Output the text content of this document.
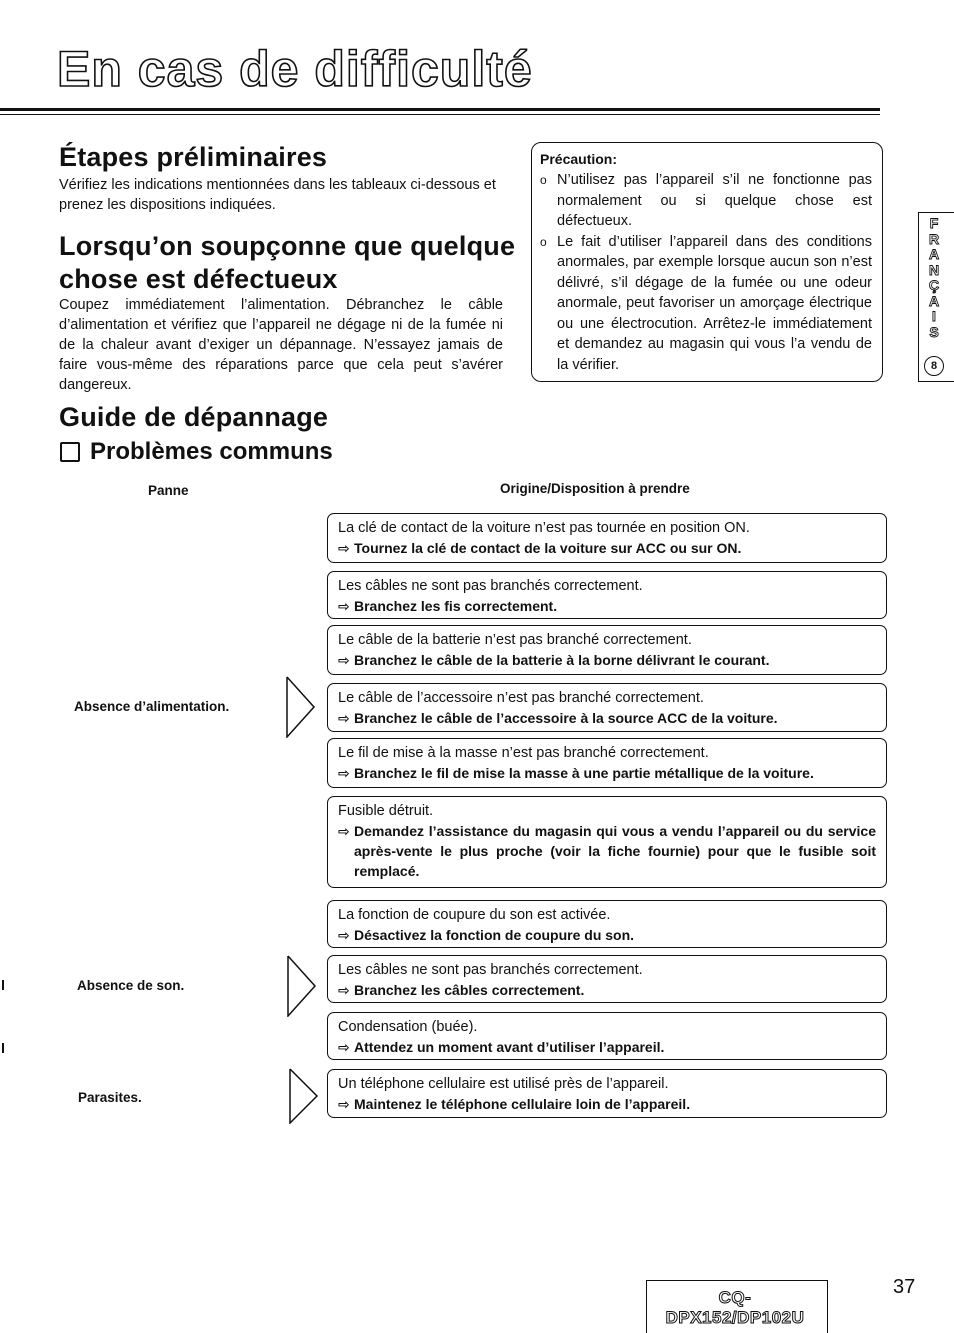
En cas de difficulté
Étapes préliminaires
Vérifiez les indications mentionnées dans les tableaux ci-dessous et prenez les dispositions indiquées.
Lorsqu’on soupçonne que quelque chose est défectueux
Coupez immédiatement l’alimentation. Débranchez le câble d’alimentation et vérifiez que l’appareil ne dégage ni de la fumée ni de la chaleur avant d’exiger un dépannage. N’essayez jamais de faire vous-même des réparations parce que cela peut s’avérer dangereux.
Précaution:
o N’utilisez pas l’appareil s’il ne fonctionne pas normalement ou si quelque chose est défectueux.
o Le fait d’utiliser l’appareil dans des conditions anormales, par exemple lorsque aucun son n’est délivré, s’il dégage de la fumée ou une odeur anormale, peut favoriser un amorçage électrique ou une électrocution. Arrêtez-le immédiatement et demandez au magasin qui vous l’a vendu de la vérifier.
F
R
A
N
Ç
A
I
S
8
Guide de dépannage
Problèmes communs
Panne	Origine/Disposition à prendre
Absence d’alimentation.
La clé de contact de la voiture n’est pas tournée en position ON.
⇨ Tournez la clé de contact de la voiture sur ACC ou sur ON.
Les câbles ne sont pas branchés correctement.
⇨ Branchez les fis correctement.
Le câble de la batterie n’est pas branché correctement.
⇨ Branchez le câble de la batterie à la borne délivrant le courant.
Le câble de l’accessoire n’est pas branché correctement.
⇨ Branchez le câble de l’accessoire à la source ACC de la voiture.
Le fil de mise à la masse n’est pas branché correctement.
⇨ Branchez le fil de mise la masse à une partie métallique de la voiture.
Fusible détruit.
⇨ Demandez l’assistance du magasin qui vous a vendu l’appareil ou du service après-vente le plus proche (voir la fiche fournie) pour que le fusible soit remplacé.
Absence de son.
La fonction de coupure du son est activée.
⇨ Désactivez la fonction de coupure du son.
Les câbles ne sont pas branchés correctement.
⇨ Branchez les câbles correctement.
Condensation (buée).
⇨ Attendez un moment avant d’utiliser l’appareil.
Parasites.
Un téléphone cellulaire est utilisé près de l’appareil.
⇨ Maintenez le téléphone cellulaire loin de l’appareil.
CQ-DPX152/DP102U
37
